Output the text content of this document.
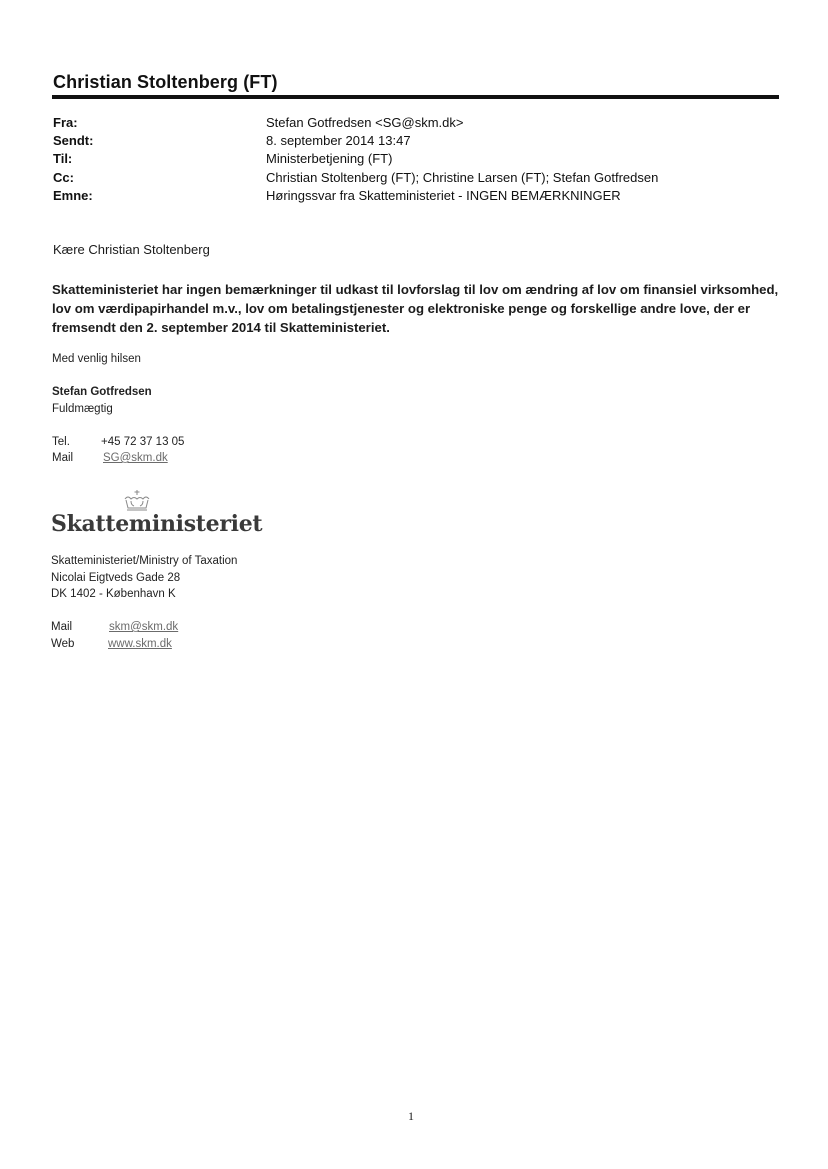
Christian Stoltenberg (FT)
Fra:	Stefan Gotfredsen <SG@skm.dk>
Sendt:	8. september 2014 13:47
Til:	Ministerbetjening (FT)
Cc:	Christian Stoltenberg (FT); Christine Larsen (FT); Stefan Gotfredsen
Emne:	Høringssvar fra Skatteministeriet - INGEN BEMÆRKNINGER
Kære Christian Stoltenberg
Skatteministeriet har ingen bemærkninger til udkast til lovforslag til lov om ændring af lov om finansiel virksomhed,
lov om værdipapirhandel m.v., lov om betalingstjenester og elektroniske penge og forskellige andre love, der er
fremsendt den 2. september 2014 til Skatteministeriet.
Med venlig hilsen
Stefan Gotfredsen
Fuldmægtig
Tel.	+45 72 37 13 05
Mail	SG@skm.dk
Skatteministeriet
Skatteministeriet/Ministry of Taxation
Nicolai Eigtveds Gade 28
DK 1402 - København K
Mail	skm@skm.dk
Web	www.skm.dk
1
